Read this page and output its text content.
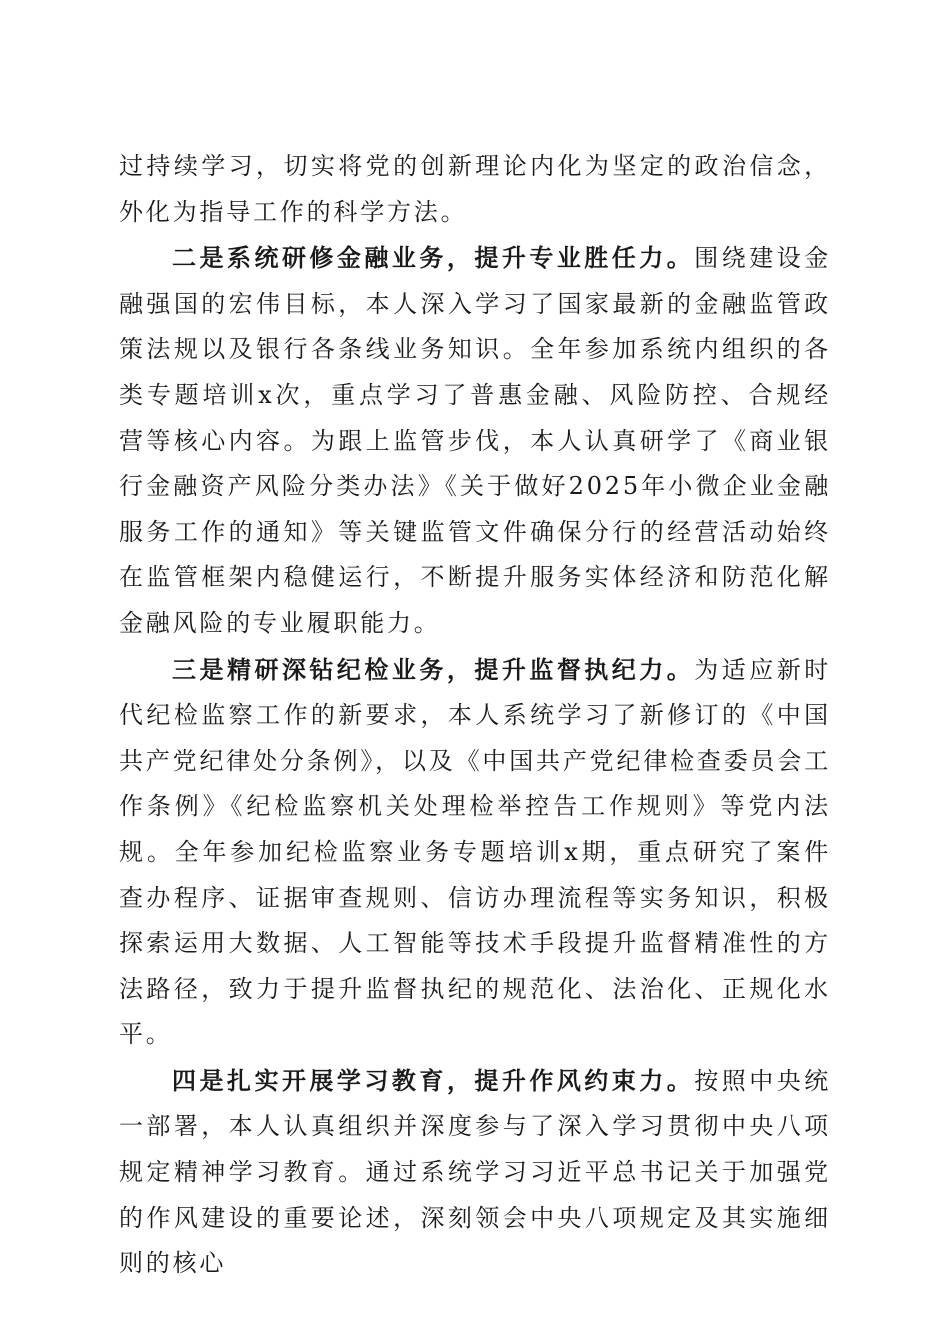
过持续学习，切实将党的创新理论内化为坚定的政治信念，外化为指导工作的科学方法。

二是系统研修金融业务，提升专业胜任力。围绕建设金融强国的宏伟目标，本人深入学习了国家最新的金融监管政策法规以及银行各条线业务知识。全年参加系统内组织的各类专题培训x次，重点学习了普惠金融、风险防控、合规经营等核心内容。为跟上监管步伐，本人认真研学了《商业银行金融资产风险分类办法》《关于做好2025年小微企业金融服务工作的通知》等关键监管文件确保分行的经营活动始终在监管框架内稳健运行，不断提升服务实体经济和防范化解金融风险的专业履职能力。

三是精研深钻纪检业务，提升监督执纪力。为适应新时代纪检监察工作的新要求，本人系统学习了新修订的《中国共产党纪律处分条例》，以及《中国共产党纪律检查委员会工作条例》《纪检监察机关处理检举控告工作规则》等党内法规。全年参加纪检监察业务专题培训x期，重点研究了案件查办程序、证据审查规则、信访办理流程等实务知识，积极探索运用大数据、人工智能等技术手段提升监督精准性的方法路径，致力于提升监督执纪的规范化、法治化、正规化水平。

四是扎实开展学习教育，提升作风约束力。按照中央统一部署，本人认真组织并深度参与了深入学习贯彻中央八项规定精神学习教育。通过系统学习习近平总书记关于加强党的作风建设的重要论述，深刻领会中央八项规定及其实施细则的核心
